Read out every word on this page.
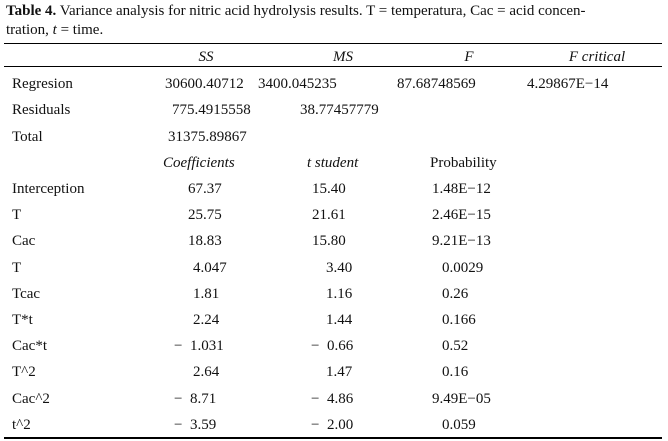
Table 4. Variance analysis for nitric acid hydrolysis results. T = temperatura, Cac = acid concen-
tration, t = time.
SS	MS	F	F critical
Regresion	30600.40712 3400.045235	87.68748569	4.29867E−14
Residuals	775.4915558	38.77457779
Total	31375.89867
Coefficients	t student	Probability
Interception	67.37	15.40	1.48E−12
T	25.75	21.61	2.46E−15
Cac	18.83	15.80	9.21E−13
T	4.047	3.40	0.0029
Tcac	1.81	1.16	0.26
T*t	2.24	1.44	0.166
Cac*t	−  1.031	−  0.66	0.52
T^2	2.64	1.47	0.16
Cac^2	−  8.71	−  4.86	9.49E−05
t^2	−  3.59	−  2.00	0.059
